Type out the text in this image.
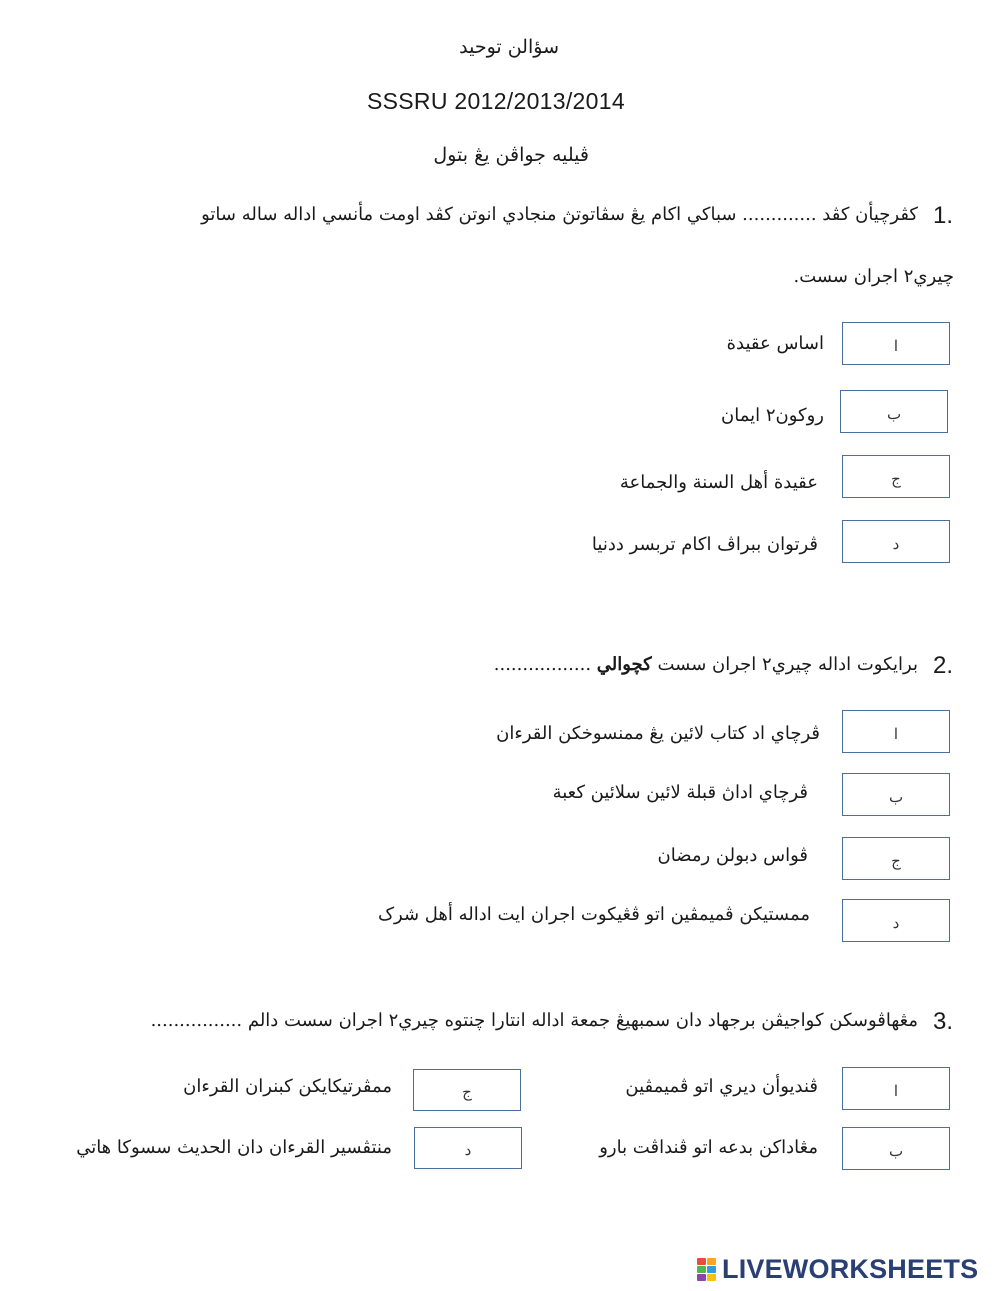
سؤالن توحيد
SSSRU 2012/2013/2014
ڤيليه جواڤن يڠ بتول
1.
كڤرچيأن كڤد ............. سباکي اکام يڠ سڤاتوتڽ منجادي انوتن كڤد اومت مأنسي اداله ساله ساتو
چيري٢ اجران سست.
ا
اساس عقيدة
ب
روکون٢ ايمان
ج
عقيدة أهل السنة والجماعة
د
ڤرتوان ببراڤ اکام تربسر ددنيا
2.
برايکوت اداله چيري٢ اجران سست کچوالي .................
ا
ڤرچاي اد کتاب لائين يڠ ممنسوخکن القرءان
ب
ڤرچاي اداڽ قبلة لائين سلائين کعبة
ج
ڤواس دبولن رمضان
د
ممستيکن ڤميمڤين اتو ڤڠيکوت اجران ايت اداله أهل شرک
3.
مڠهاڤوسکن کواجيڤن برجهاد دان سمبهيڠ جمعة اداله انتارا چنتوه چيري٢ اجران سست دالم ................
ا
ڤنديوأن ديري اتو ڤميمڤين
ب
مڠاداکن بدعه اتو ڤنداڤت بارو
ج
ممڤرتيکايکن کبنران القرءان
د
منتڤسير القرءان دان الحديث سسوکا هاتي
LIVEWORKSHEETS
